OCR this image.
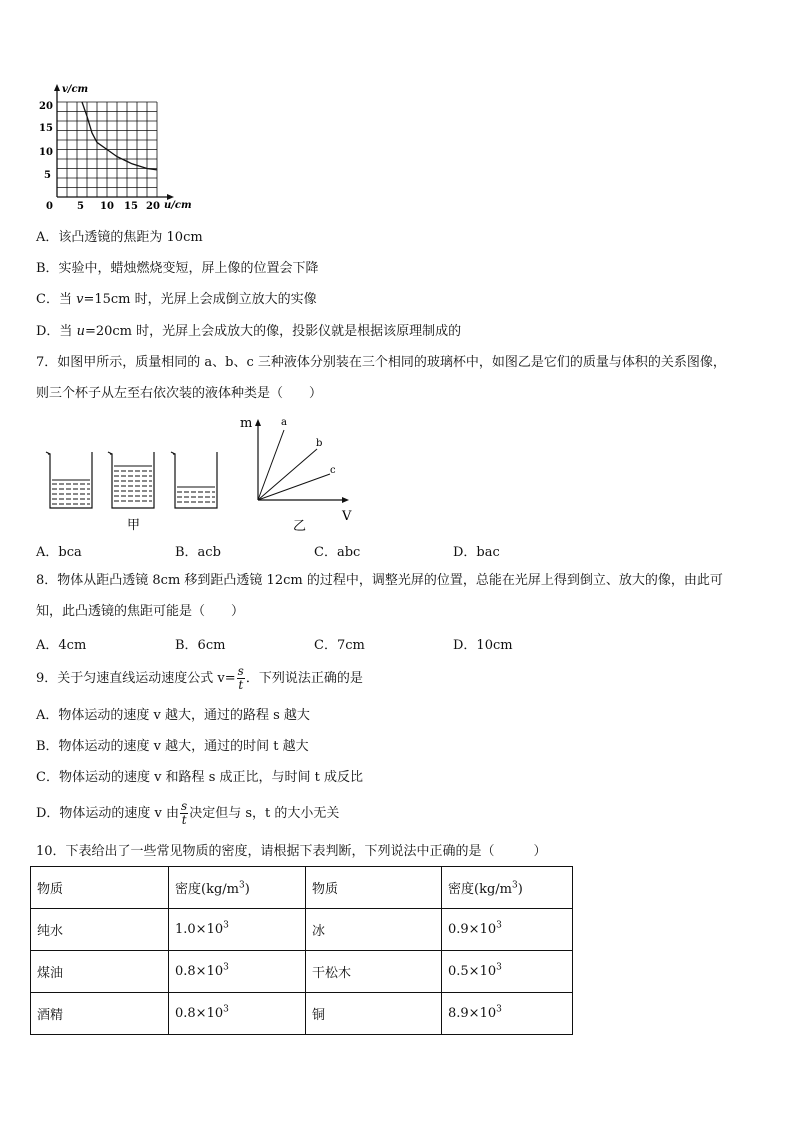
v/cm
u/cm
20
15
10
5
0 5 10 15 20
A．该凸透镜的焦距为 10cm
B．实验中，蜡烛燃烧变短，屏上像的位置会下降
C．当 v=15cm 时，光屏上会成倒立放大的实像
D．当 u=20cm 时，光屏上会成放大的像，投影仪就是根据该原理制成的
7．如图甲所示，质量相同的 a、b、c 三种液体分别装在三个相同的玻璃杯中，如图乙是它们的质量与体积的关系图像，
则三个杯子从左至右依次装的液体种类是（　　）
甲
m
V
a
b
c
乙
A．bca	B．acb	C．abc	D．bac
8．物体从距凸透镜 8cm 移到距凸透镜 12cm 的过程中，调整光屏的位置，总能在光屏上得到倒立、放大的像，由此可
知，此凸透镜的焦距可能是（　　）
A．4cm	B．6cm	C．7cm	D．10cm
9．关于匀速直线运动速度公式 $v= \frac{s}{t}$ ．下列说法正确的是
A．物体运动的速度 v 越大，通过的路程 s 越大
B．物体运动的速度 v 越大，通过的时间 t 越大
C．物体运动的速度 v 和路程 s 成正比，与时间 t 成反比
D．物体运动的速度 v 由 $\frac{s}{t}$ 决定但与 s，t 的大小无关
10．下表给出了一些常见物质的密度，请根据下表判断，下列说法中正确的是（　　　）
物质	密度$(kg/m^3)$	物质	密度$(kg/m^3)$
纯水	$1.0\times 10^3$	冰	$0.9\times 10^3$
煤油	$0.8\times 10^3$	干松木	$0.5\times 10^3$
酒精	$0.8\times 10^3$	铜	$8.9\times 10^3$
